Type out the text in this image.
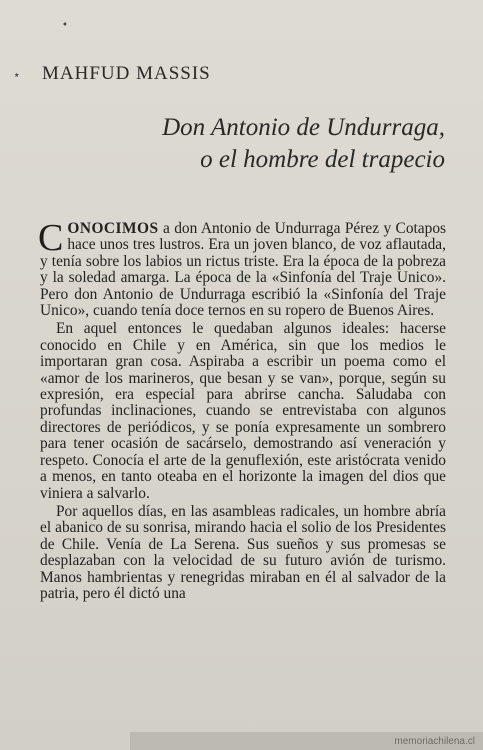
•
٭ MAHFUD MASSIS
Don Antonio de Undurraga,
o el hombre del trapecio

CONOCIMOS a don Antonio de Undurraga Pérez y Cotapos hace unos tres lustros. Era un joven blanco, de voz aflautada, y tenía sobre los labios un rictus triste. Era la época de la pobreza y la soledad amarga. La época de la «Sinfonía del Traje Unico». Pero don Antonio de Undurraga escribió la «Sinfonía del Traje Unico», cuando tenía doce ternos en su ropero de Buenos Aires.

En aquel entonces le quedaban algunos ideales: hacerse conocido en Chile y en América, sin que los medios le importaran gran cosa. Aspiraba a escribir un poema como el «amor de los marineros, que besan y se van», porque, según su expresión, era especial para abrirse cancha. Saludaba con profundas inclinaciones, cuando se entrevistaba con algunos directores de periódicos, y se ponía expresamente un sombrero para tener ocasión de sacárselo, demostrando así veneración y respeto. Conocía el arte de la genuflexión, este aristócrata venido a menos, en tanto oteaba en el horizonte la imagen del dios que viniera a salvarlo.

Por aquellos días, en las asambleas radicales, un hombre abría el abanico de su sonrisa, mirando hacia el solio de los Presidentes de Chile. Venía de La Serena. Sus sueños y sus promesas se desplazaban con la velocidad de su futuro avión de turismo. Manos hambrientas y renegridas miraban en él al salvador de la patria, pero él dictó una

memoriachilena.cl
